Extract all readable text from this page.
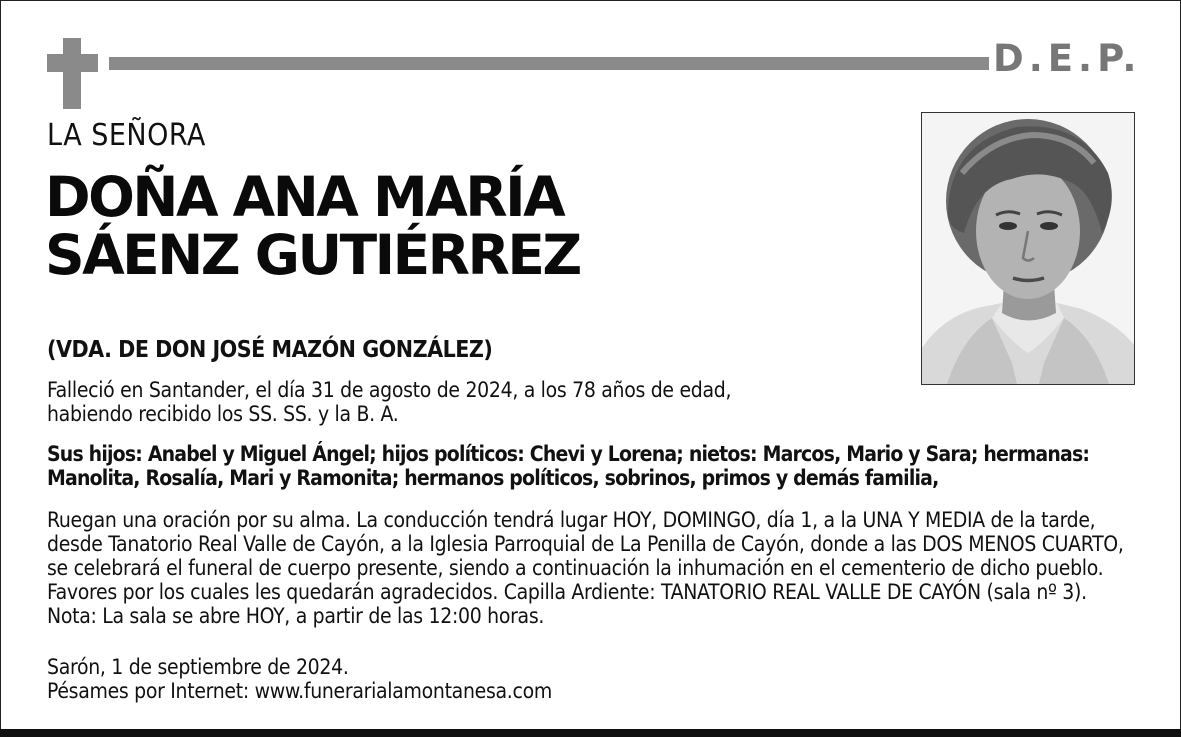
D.E.P.
LA SEÑORA
DOÑA ANA MARÍA
SÁENZ GUTIÉRREZ
(VDA. DE DON JOSÉ MAZÓN GONZÁLEZ)

Falleció en Santander, el día 31 de agosto de 2024, a los 78 años de edad, habiendo recibido los SS. SS. y la B. A.

Sus hijos: Anabel y Miguel Ángel; hijos políticos: Chevi y Lorena; nietos: Marcos, Mario y Sara; hermanas: Manolita, Rosalía, Mari y Ramonita; hermanos políticos, sobrinos, primos y demás familia,

Ruegan una oración por su alma. La conducción tendrá lugar HOY, DOMINGO, día 1, a la UNA Y MEDIA de la tarde, desde Tanatorio Real Valle de Cayón, a la Iglesia Parroquial de La Penilla de Cayón, donde a las DOS MENOS CUARTO, se celebrará el funeral de cuerpo presente, siendo a continuación la inhumación en el cementerio de dicho pueblo. Favores por los cuales les quedarán agradecidos. Capilla Ardiente: TANATORIO REAL VALLE DE CAYÓN (sala nº 3). Nota: La sala se abre HOY, a partir de las 12:00 horas.

Sarón, 1 de septiembre de 2024.
Pésames por Internet: www.funerarialamontanesa.com
